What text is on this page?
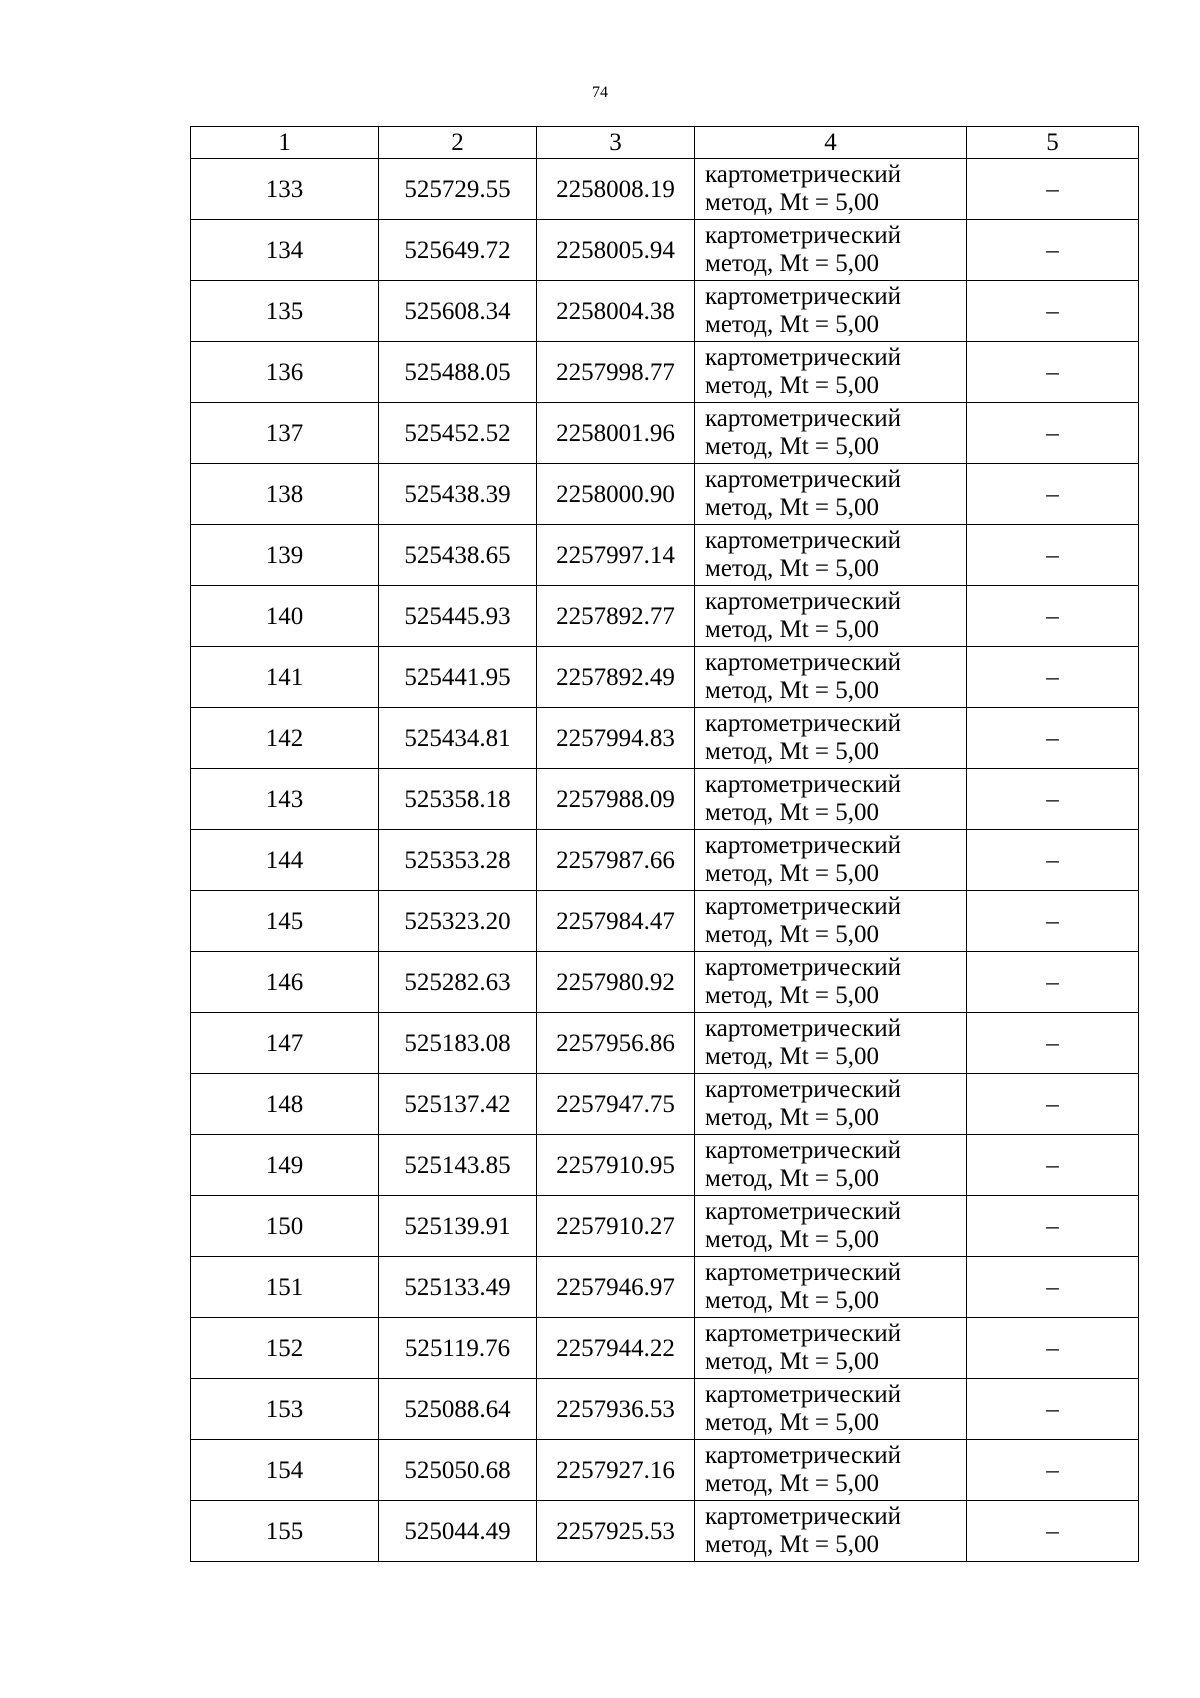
74
1	2	3	4	5
133	525729.55	2258008.19	картометрический
метод, Mt = 5,00	–
134	525649.72	2258005.94	картометрический
метод, Mt = 5,00	–
135	525608.34	2258004.38	картометрический
метод, Mt = 5,00	–
136	525488.05	2257998.77	картометрический
метод, Mt = 5,00	–
137	525452.52	2258001.96	картометрический
метод, Mt = 5,00	–
138	525438.39	2258000.90	картометрический
метод, Mt = 5,00	–
139	525438.65	2257997.14	картометрический
метод, Mt = 5,00	–
140	525445.93	2257892.77	картометрический
метод, Mt = 5,00	–
141	525441.95	2257892.49	картометрический
метод, Mt = 5,00	–
142	525434.81	2257994.83	картометрический
метод, Mt = 5,00	–
143	525358.18	2257988.09	картометрический
метод, Mt = 5,00	–
144	525353.28	2257987.66	картометрический
метод, Mt = 5,00	–
145	525323.20	2257984.47	картометрический
метод, Mt = 5,00	–
146	525282.63	2257980.92	картометрический
метод, Mt = 5,00	–
147	525183.08	2257956.86	картометрический
метод, Mt = 5,00	–
148	525137.42	2257947.75	картометрический
метод, Mt = 5,00	–
149	525143.85	2257910.95	картометрический
метод, Mt = 5,00	–
150	525139.91	2257910.27	картометрический
метод, Mt = 5,00	–
151	525133.49	2257946.97	картометрический
метод, Mt = 5,00	–
152	525119.76	2257944.22	картометрический
метод, Mt = 5,00	–
153	525088.64	2257936.53	картометрический
метод, Mt = 5,00	–
154	525050.68	2257927.16	картометрический
метод, Mt = 5,00	–
155	525044.49	2257925.53	картометрический
метод, Mt = 5,00	–
